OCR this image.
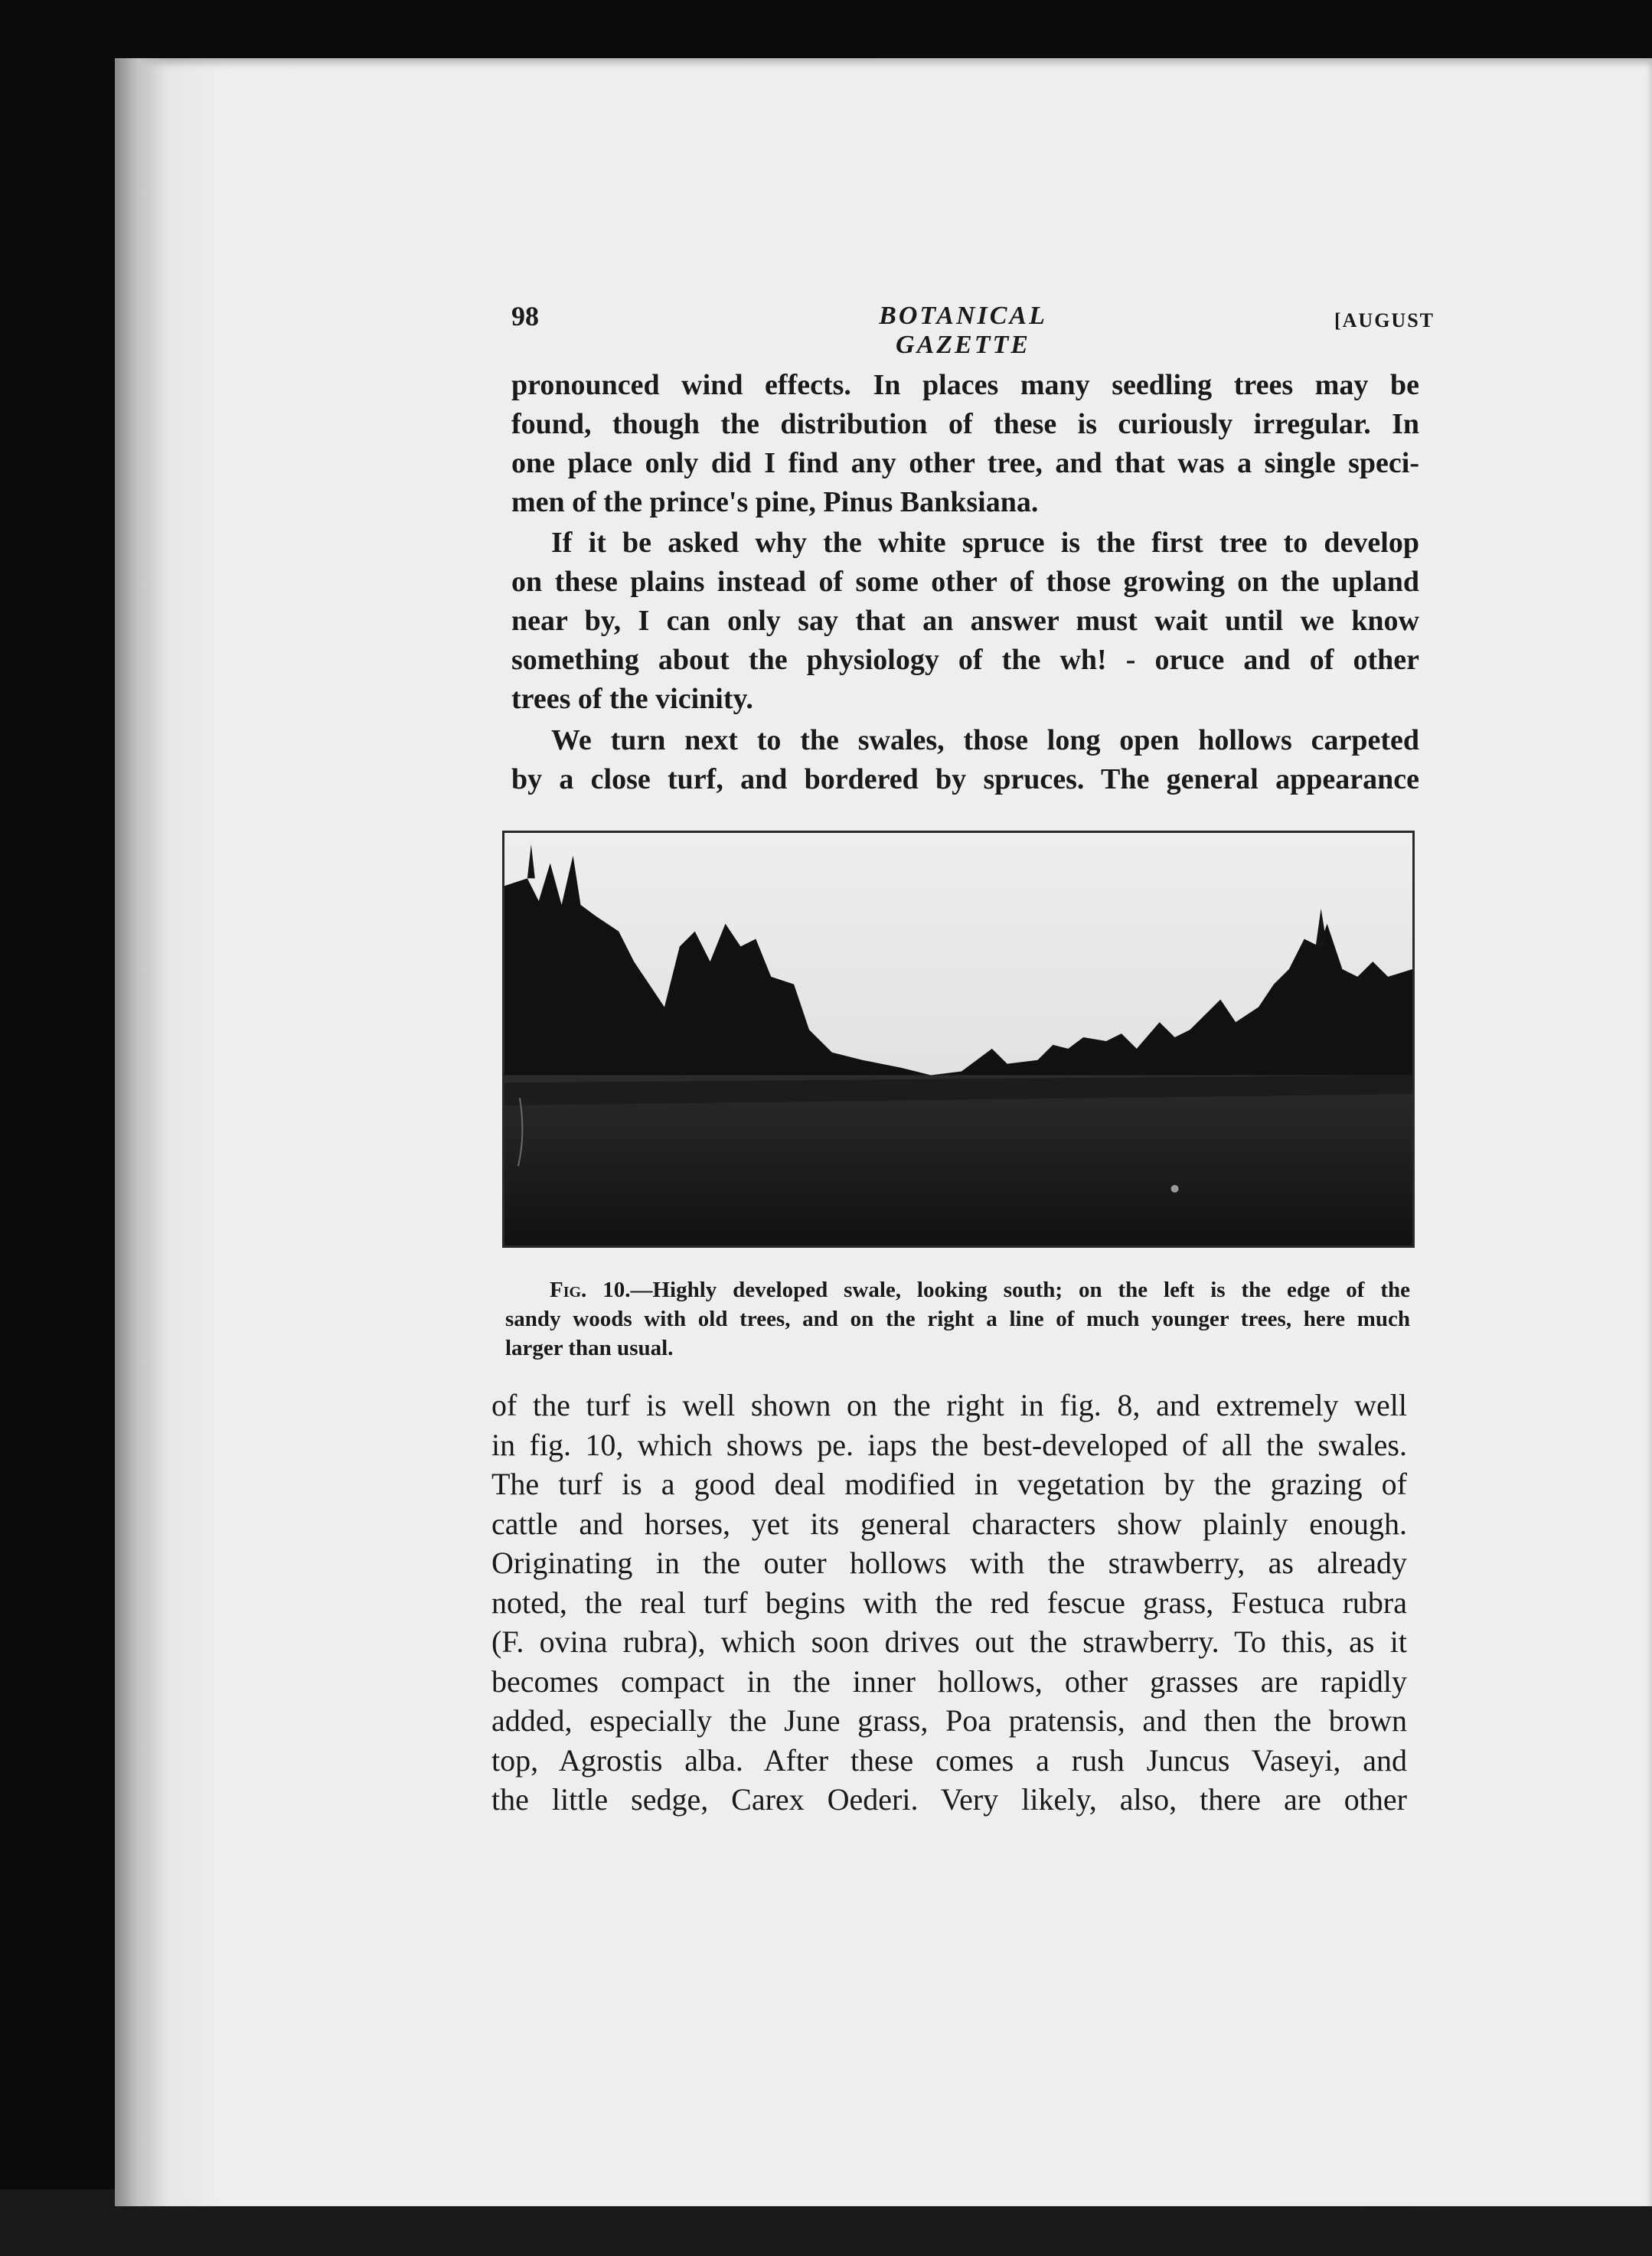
98	BOTANICAL GAZETTE
[AUGUST

pronounced wind effects. In places many seedling trees may be
found, though the distribution of these is curiously irregular. In
one place only did I find any other tree, and that was a single speci-
men of the prince's pine, Pinus Banksiana.

If it be asked why the white spruce is the first tree to develop
on these plains instead of some other of those growing on the upland
near by, I can only say that an answer must wait until we know
something about the physiology of the wh! - oruce and of other
trees of the vicinity.

We turn next to the swales, those long open hollows carpeted
by a close turf, and bordered by spruces. The general appearance

Fig. 10.—Highly developed swale, looking south; on the left is the edge of the
sandy woods with old trees, and on the right a line of much younger trees, here much
larger than usual.

of the turf is well shown on the right in fig. 8, and extremely well
in fig. 10, which shows pe. iaps the best-developed of all the swales.
The turf is a good deal modified in vegetation by the grazing of
cattle and horses, yet its general characters show plainly enough.
Originating in the outer hollows with the strawberry, as already
noted, the real turf begins with the red fescue grass, Festuca rubra
(F. ovina rubra), which soon drives out the strawberry. To this, as it
becomes compact in the inner hollows, other grasses are rapidly
added, especially the June grass, Poa pratensis, and then the brown
top, Agrostis alba. After these comes a rush Juncus Vaseyi, and
the little sedge, Carex Oederi. Very likely, also, there are other
